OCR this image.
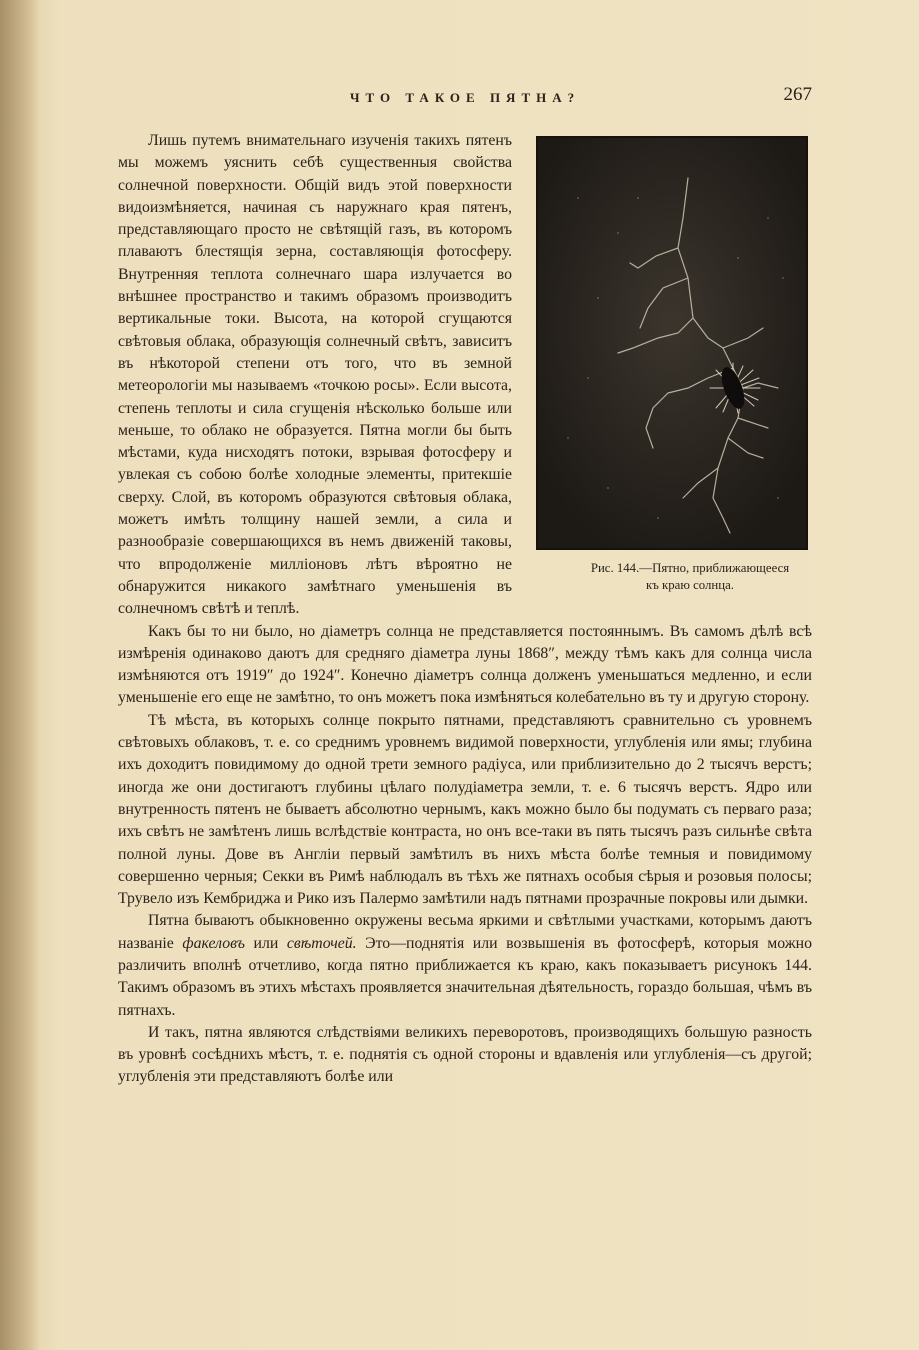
ЧТО ТАКОЕ ПЯТНА?	267

Рис. 144.—Пятно, приближающееся
къ краю солнца.
Лишь путемъ внимательнаго изученія такихъ пятенъ мы можемъ уяснить себѣ существенныя свойства солнечной поверхности. Общій видъ этой поверхности видоизмѣняется, начиная съ наружнаго края пятенъ, представляющаго просто не свѣтящій газъ, въ которомъ плаваютъ блестящія зерна, составляющія фотосферу. Внутренняя теплота солнечнаго шара излучается во внѣшнее пространство и такимъ образомъ производитъ вертикальные токи. Высота, на которой сгущаются свѣтовыя облака, образующія солнечный свѣтъ, зависитъ въ нѣкоторой степени отъ того, что въ земной метеорологіи мы называемъ «точкою росы». Если высота, степень теплоты и сила сгущенія нѣсколько больше или меньше, то облако не образуется. Пятна могли бы быть мѣстами, куда нисходятъ потоки, взрывая фотосферу и увлекая съ собою болѣе холодные элементы, притекшіе сверху. Слой, въ которомъ образуются свѣтовыя облака, можетъ имѣть толщину нашей земли, а сила и разнообразіе совершающихся въ немъ движеній таковы, что впродолженіе милліоновъ лѣтъ вѣроятно не обнаружится никакого замѣтнаго уменьшенія въ солнечномъ свѣтѣ и теплѣ.

Какъ бы то ни было, но діаметръ солнца не представляется постояннымъ. Въ самомъ дѣлѣ всѣ измѣренія одинаково даютъ для средняго діаметра луны 1868″, между тѣмъ какъ для солнца числа измѣняются отъ 1919″ до 1924″. Конечно діаметръ солнца долженъ уменьшаться медленно, и если уменьшеніе его еще не замѣтно, то онъ можетъ пока измѣняться колебательно въ ту и другую сторону.

Тѣ мѣста, въ которыхъ солнце покрыто пятнами, представляютъ сравнительно съ уровнемъ свѣтовыхъ облаковъ, т. е. со среднимъ уровнемъ видимой поверхности, углубленія или ямы; глубина ихъ доходитъ повидимому до одной трети земного радіуса, или приблизительно до 2 тысячъ верстъ; иногда же они достигаютъ глубины цѣлаго полудіаметра земли, т. е. 6 тысячъ верстъ. Ядро или внутренность пятенъ не бываетъ абсолютно чернымъ, какъ можно было бы подумать съ перваго раза; ихъ свѣтъ не замѣтенъ лишь вслѣдствіе контраста, но онъ все-таки въ пять тысячъ разъ сильнѣе свѣта полной луны. Дове въ Англіи первый замѣтилъ въ нихъ мѣста болѣе темныя и повидимому совершенно черныя; Секки въ Римѣ наблюдалъ въ тѣхъ же пятнахъ особыя сѣрыя и розовыя полосы; Трувело изъ Кембриджа и Рико изъ Палермо замѣтили надъ пятнами прозрачные покровы или дымки.

Пятна бываютъ обыкновенно окружены весьма яркими и свѣтлыми участками, которымъ даютъ названіе факеловъ или свѣточей. Это—поднятія или возвышенія въ фотосферѣ, которыя можно различить вполнѣ отчетливо, когда пятно приближается къ краю, какъ показываетъ рисунокъ 144. Такимъ образомъ въ этихъ мѣстахъ проявляется значительная дѣятельность, гораздо большая, чѣмъ въ пятнахъ.

И такъ, пятна являются слѣдствіями великихъ переворотовъ, производящихъ большую разность въ уровнѣ сосѣднихъ мѣстъ, т. е. поднятія съ одной стороны и вдавленія или углубленія—съ другой; углубленія эти представляютъ болѣе или
